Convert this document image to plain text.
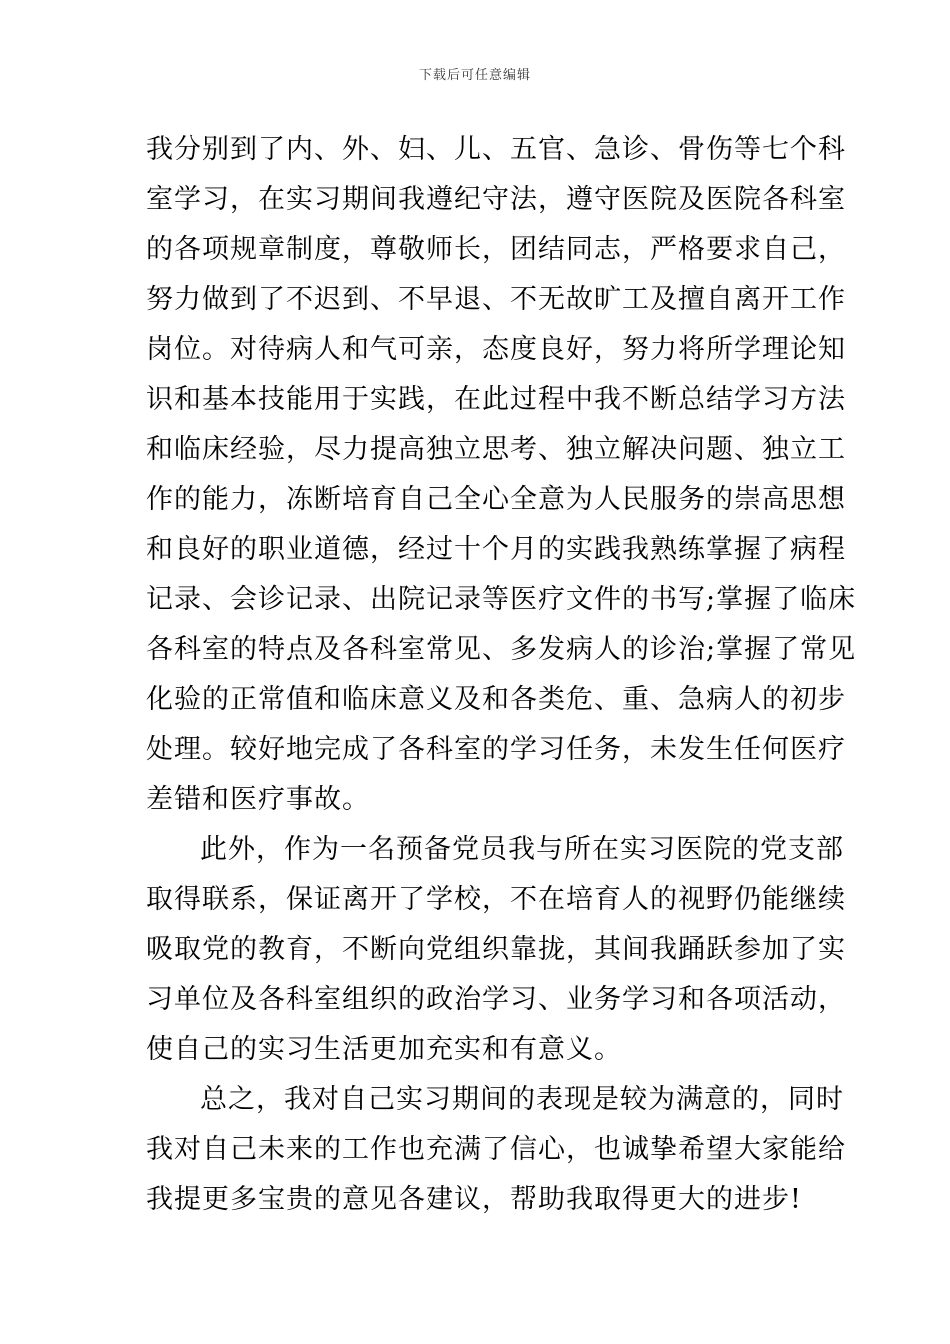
下载后可任意编辑
我分别到了内、外、妇、儿、五官、急诊、骨伤等七个科
室学习，在实习期间我遵纪守法，遵守医院及医院各科室
的各项规章制度，尊敬师长，团结同志，严格要求自己，
努力做到了不迟到、不早退、不无故旷工及擅自离开工作
岗位。对待病人和气可亲，态度良好，努力将所学理论知
识和基本技能用于实践，在此过程中我不断总结学习方法
和临床经验，尽力提高独立思考、独立解决问题、独立工
作的能力，冻断培育自己全心全意为人民服务的崇高思想
和良好的职业道德，经过十个月的实践我熟练掌握了病程
记录、会诊记录、出院记录等医疗文件的书写;掌握了临床
各科室的特点及各科室常见、多发病人的诊治;掌握了常见
化验的正常值和临床意义及和各类危、重、急病人的初步
处理。较好地完成了各科室的学习任务，未发生任何医疗
差错和医疗事故。
此外，作为一名预备党员我与所在实习医院的党支部
取得联系，保证离开了学校，不在培育人的视野仍能继续
吸取党的教育，不断向党组织靠拢，其间我踊跃参加了实
习单位及各科室组织的政治学习、业务学习和各项活动，
使自己的实习生活更加充实和有意义。
总之，我对自己实习期间的表现是较为满意的，同时
我对自己未来的工作也充满了信心，也诚挚希望大家能给
我提更多宝贵的意见各建议，帮助我取得更大的进步!
